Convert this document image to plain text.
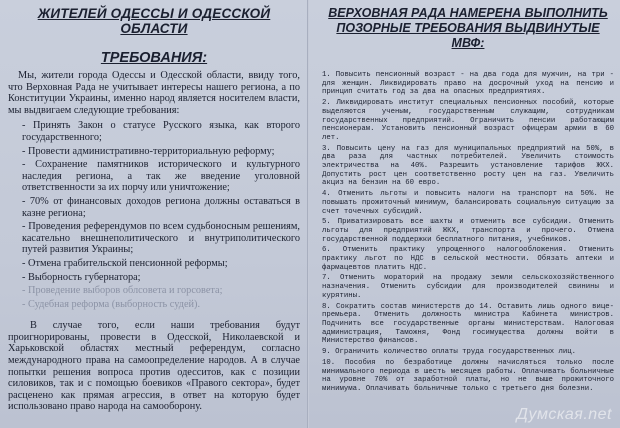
ЖИТЕЛЕЙ ОДЕССЫ И ОДЕССКОЙ ОБЛАСТИ
ТРЕБОВАНИЯ:

Мы, жители города Одессы и Одесской области, ввиду того, что Верховная Рада не учитывает интересы нашего региона, а по Конституции Украины, именно народ является носителем власти, мы выдвигаем следующие требования:

- Принять Закон о статусе Русского языка, как второго государственного;
- Провести административно-территориальную реформу;
- Сохранение памятников исторического и культурного наследия региона, а так же введение уголовной ответственности за их порчу или уничтожение;
- 70% от финансовых доходов региона должны оставаться в казне региона;
- Проведения референдумов по всем судьбоносным решениям, касательно внешнеполитического и внутриполитического путей развития Украины;
- Отмена грабительской пенсионной реформы;
- Выборность губернатора;
- Проведение выборов облсовета и горсовета;
- Судебная реформа (выборность судей).

В случае того, если наши требования будут проигнорированы, провести в Одесской, Николаевской и Харьковской областях местный референдум, согласно международного права на самоопределение народов. А в случае попытки решения вопроса против одесситов, как с позиции силовиков, так и с помощью боевиков «Правого сектора», будет расценено как прямая агрессия, в ответ на которую будет использовано право народа на самооборону.

ВЕРХОВНАЯ РАДА НАМЕРЕНА ВЫПОЛНИТЬ
ПОЗОРНЫЕ ТРЕБОВАНИЯ ВЫДВИНУТЫЕ МВФ:
1. Повысить пенсионный возраст - на два года для мужчин, на три - для женщин. Ликвидировать право на досрочный уход на пенсию и принцип считать год за два на опасных предприятиях.
2. Ликвидировать институт специальных пенсионных пособий, которые выделяются ученым, государственным служащим, сотрудникам государственных предприятий. Ограничить пенсии работающим пенсионерам. Установить пенсионный возраст офицерам армии в 60 лет.
3. Повысить цену на газ для муниципальных предприятий на 50%, в два раза для частных потребителей. Увеличить стоимость электричества на 40%. Разрешить установление тарифов ЖКХ. Допустить рост цен соответственно росту цен на газ. Увеличить акциз на бензин на 60 евро.
4. Отменить льготы и повысить налоги на транспорт на 50%. Не повышать прожиточный минимум, балансировать социальную ситуацию за счет точечных субсидий.
5. Приватизировать все шахты и отменить все субсидии. Отменить льготы для предприятий ЖКХ, транспорта и прочего. Отмена государственной поддержки бесплатного питания, учебников.
6. Отменить практику упрощенного налогообложения. Отменить практику льгот по НДС в сельской местности. Обязать аптеки и фармацевтов платить НДС.
7. Отменить мораторий на продажу земли сельскохозяйственного назначения. Отменить субсидии для производителей свинины и курятины.
8. Сократить состав министерств до 14. Оставить лишь одного вице-премьера. Отменить должность министра Кабинета министров. Подчинить все государственные органы министерствам. Налоговая администрация, Таможня, Фонд госимущества должны войти в Министерство финансов.
9. Ограничить количество оплаты труда государственных лиц.
10. Пособия по безработице должны начисляться только после минимального периода в шесть месяцев работы. Оплачивать больничные на уровне 70% от заработной платы, но не выше прожиточного минимума. Оплачивать больничные только с третьего дня болезни.
Думская.net
